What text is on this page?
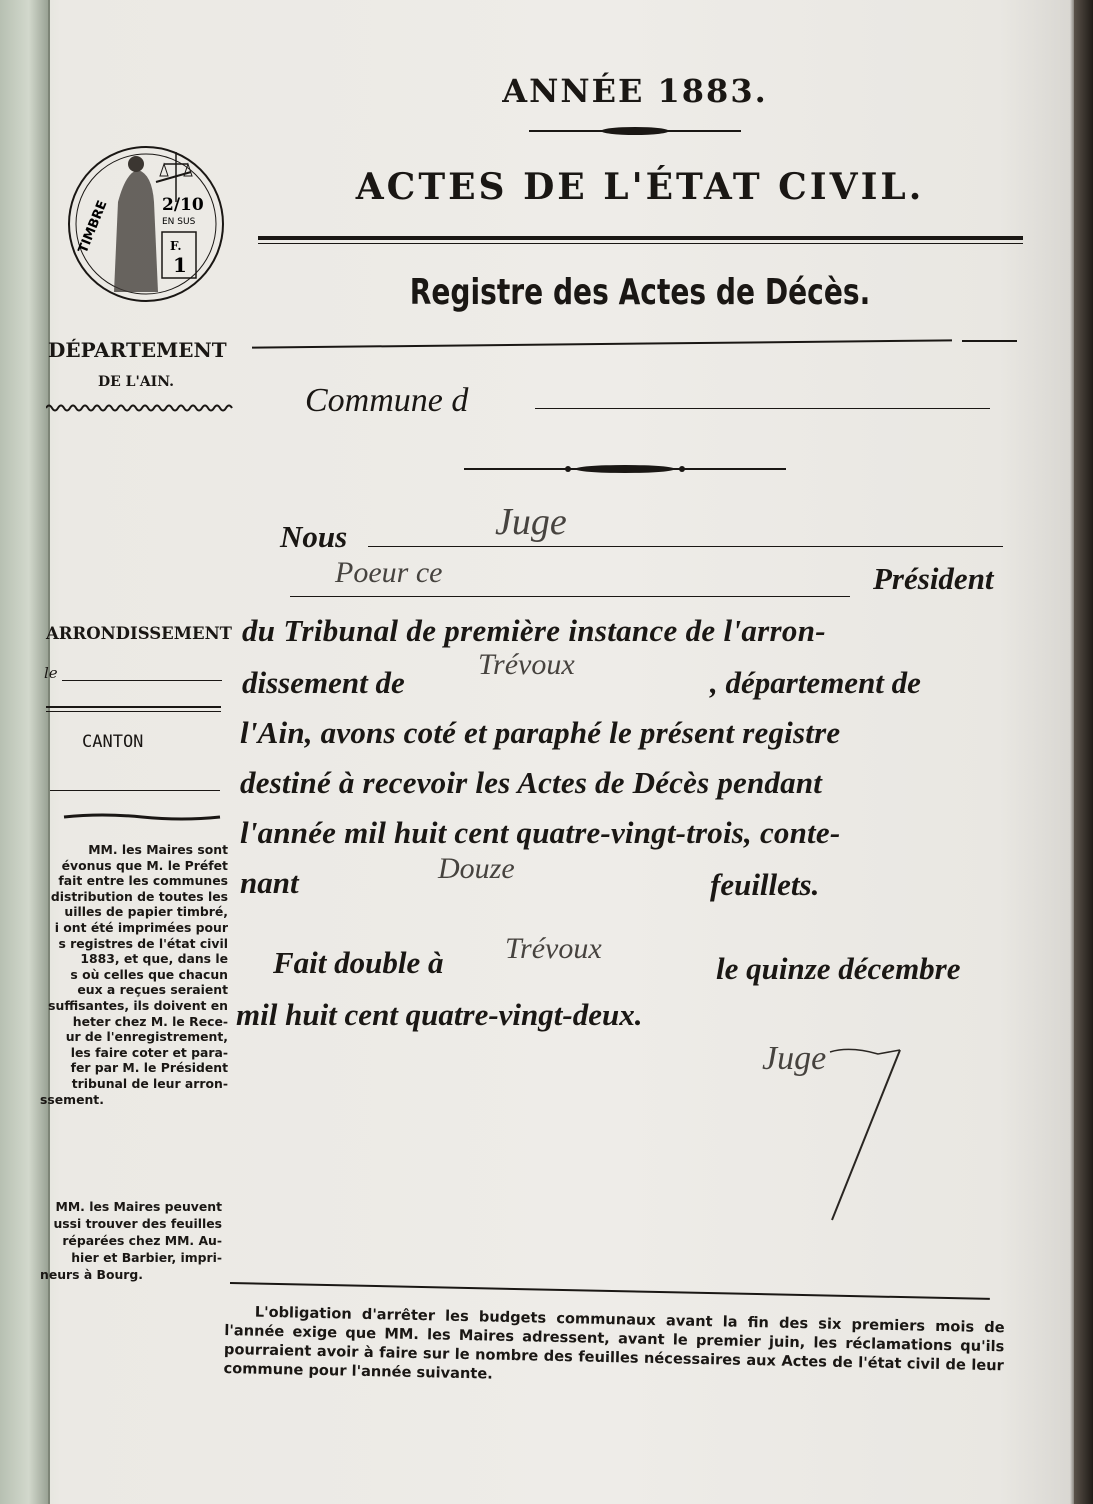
ANNÉE 1883.
ACTES DE L'ÉTAT CIVIL.
Registre des Actes de Décès.
TIMBRE	2/10
EN SUS
F.
1
DÉPARTEMENT
DE L'AIN.
ARRONDISSEMENT
le
CANTON
MM. les Maires sont
évonus que M. le Préfet
fait entre les communes
distribution de toutes les
uilles de papier timbré,
i ont été imprimées pour
s registres de l'état civil
1883, et que, dans le
s où celles que chacun
eux a reçues seraient
suffisantes, ils doivent en
heter chez M. le Rece-
ur de l'enregistrement,
les faire coter et para-
fer par M. le Président
tribunal de leur arron-
ssement.
MM. les Maires peuvent
ussi trouver des feuilles
réparées chez MM. Au-
hier et Barbier, impri-
neurs à Bourg.
Commune d
Nous	Juge
Poeur ce	Président
du Tribunal de première instance de l'arron-
dissement de
Trévoux
, département de
l'Ain, avons coté et paraphé le présent registre
destiné à recevoir les Actes de Décès pendant
l'année mil huit cent quatre-vingt-trois, conte-
nant	Douze	feuillets.
Fait double à Trévoux
le quinze décembre
mil huit cent quatre-vingt-deux.
Juge

L'obligation d'arrêter les budgets communaux avant la fin des six premiers mois de l'année exige que MM. les Maires adressent, avant le premier juin, les réclamations qu'ils pourraient avoir à faire sur le nombre des feuilles nécessaires aux Actes de l'état civil de leur commune pour l'année suivante.
